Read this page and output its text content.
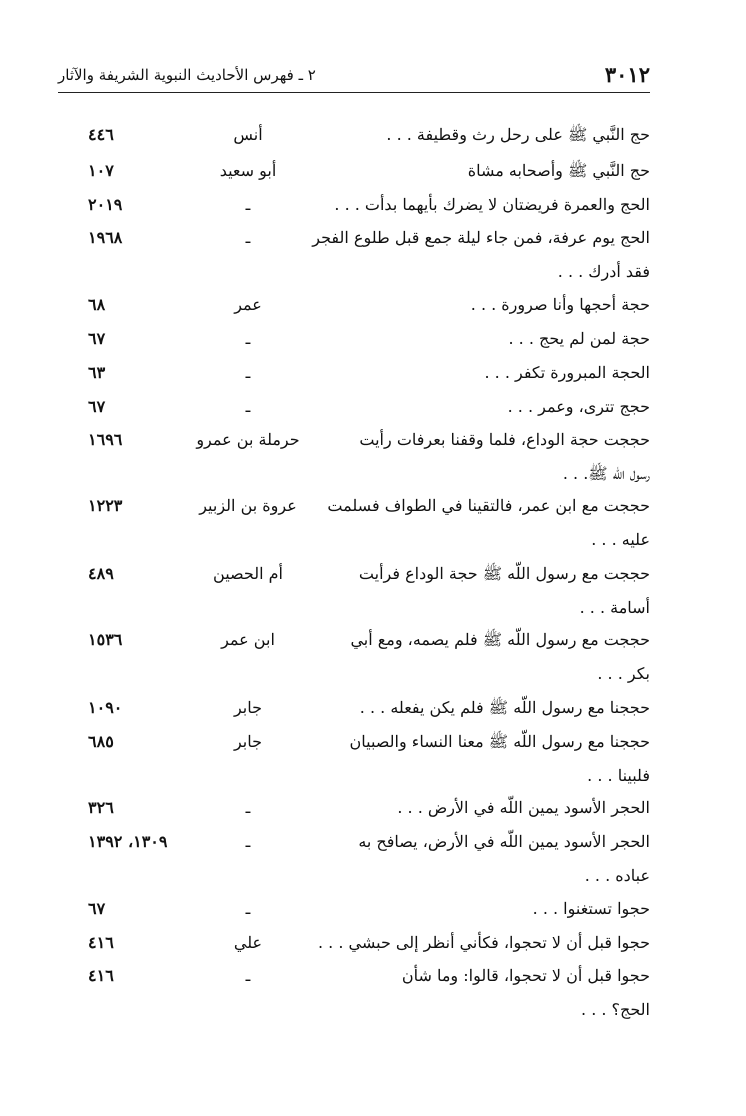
٣٠١٢
٢ ـ فهرس الأحاديث النبوية الشريفة والآثار
حج النَّبي ﷺ على رحل رث وقطيفة . . .
أنس
٤٤٦
حج النَّبي ﷺ وأصحابه مشاة
أبو سعيد
١٠٧
الحج والعمرة فريضتان لا يضرك بأيهما بدأت . . .
ـ
٢٠١٩
الحج يوم عرفة، فمن جاء ليلة جمع قبل طلوع الفجر
فقد أدرك . . .
ـ
١٩٦٨
حجة أحجها وأنا صرورة . . .
عمر
٦٨
حجة لمن لم يحج . . .
ـ
٦٧
الحجة المبرورة تكفر . . .
ـ
٦٣
حجج تترى، وعمر . . .
ـ
٦٧
حججت حجة الوداع، فلما وقفنا بعرفات رأيت
رسول اللّه ﷺ. . .
حرملة بن عمرو
١٦٩٦
حججت مع ابن عمر، فالتقينا في الطواف فسلمت
عليه . . .
عروة بن الزبير
١٢٢٣
حججت مع رسول اللّه ﷺ حجة الوداع فرأيت
أسامة . . .
أم الحصين
٤٨٩
حججت مع رسول اللّه ﷺ فلم يصمه، ومع أبي
بكر . . .
ابن عمر
١٥٣٦
حججنا مع رسول اللّه ﷺ فلم يكن يفعله . . .
جابر
١٠٩٠
حججنا مع رسول اللّه ﷺ معنا النساء والصبيان
فلبينا . . .
جابر
٦٨٥
الحجر الأسود يمين اللّه في الأرض . . .
ـ
٣٢٦
الحجر الأسود يمين اللّه في الأرض، يصافح به
عباده . . .
ـ
١٣٠٩، ١٣٩٢
حجوا تستغنوا . . .
ـ
٦٧
حجوا قبل أن لا تحجوا، فكأني أنظر إلى حبشي . . .
علي
٤١٦
حجوا قبل أن لا تحجوا، قالوا: وما شأن
الحج؟ . . .
ـ
٤١٦
